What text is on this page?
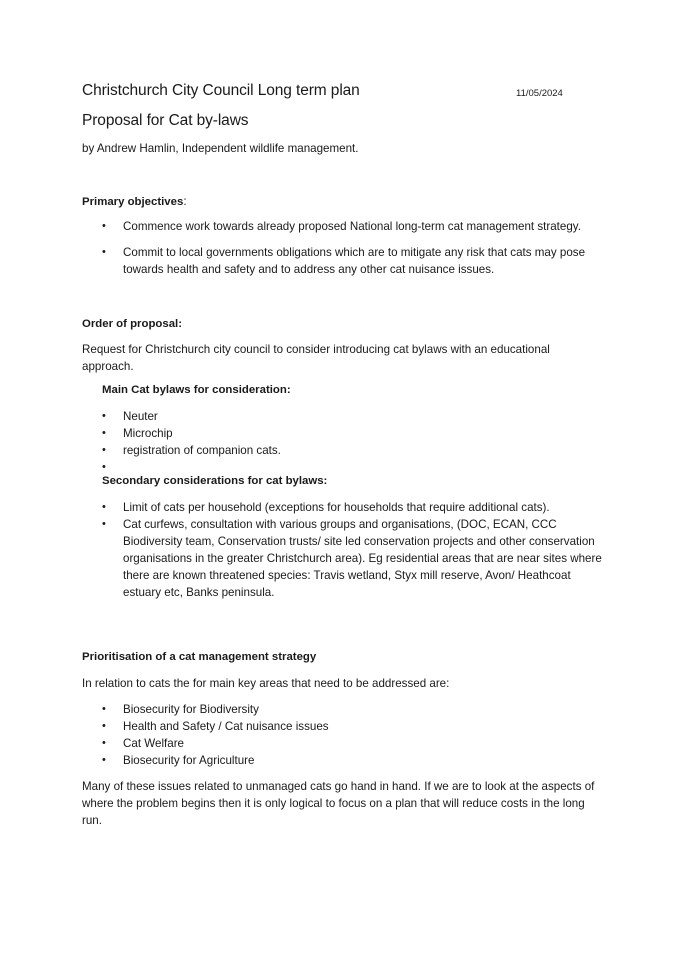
Christchurch City Council Long term plan	11/05/2024
Proposal for Cat by-laws
by Andrew Hamlin, Independent wildlife management.
Primary objectives:
• Commence work towards already proposed National long-term cat management strategy.
• Commit to local governments obligations which are to mitigate any risk that cats may pose
towards health and safety and to address any other cat nuisance issues.
Order of proposal:
Request for Christchurch city council to consider introducing cat bylaws with an educational
approach.
Main Cat bylaws for consideration:
• Neuter
• Microchip
• registration of companion cats.
•

Secondary considerations for cat bylaws:
• Limit of cats per household (exceptions for households that require additional cats).
• Cat curfews, consultation with various groups and organisations, (DOC, ECAN, CCC
Biodiversity team, Conservation trusts/ site led conservation projects and other conservation
organisations in the greater Christchurch area). Eg residential areas that are near sites where
there are known threatened species: Travis wetland, Styx mill reserve, Avon/ Heathcoat
estuary etc, Banks peninsula.
Prioritisation of a cat management strategy
In relation to cats the for main key areas that need to be addressed are:
• Biosecurity for Biodiversity
• Health and Safety / Cat nuisance issues
• Cat Welfare
• Biosecurity for Agriculture
Many of these issues related to unmanaged cats go hand in hand. If we are to look at the aspects of
where the problem begins then it is only logical to focus on a plan that will reduce costs in the long
run.
